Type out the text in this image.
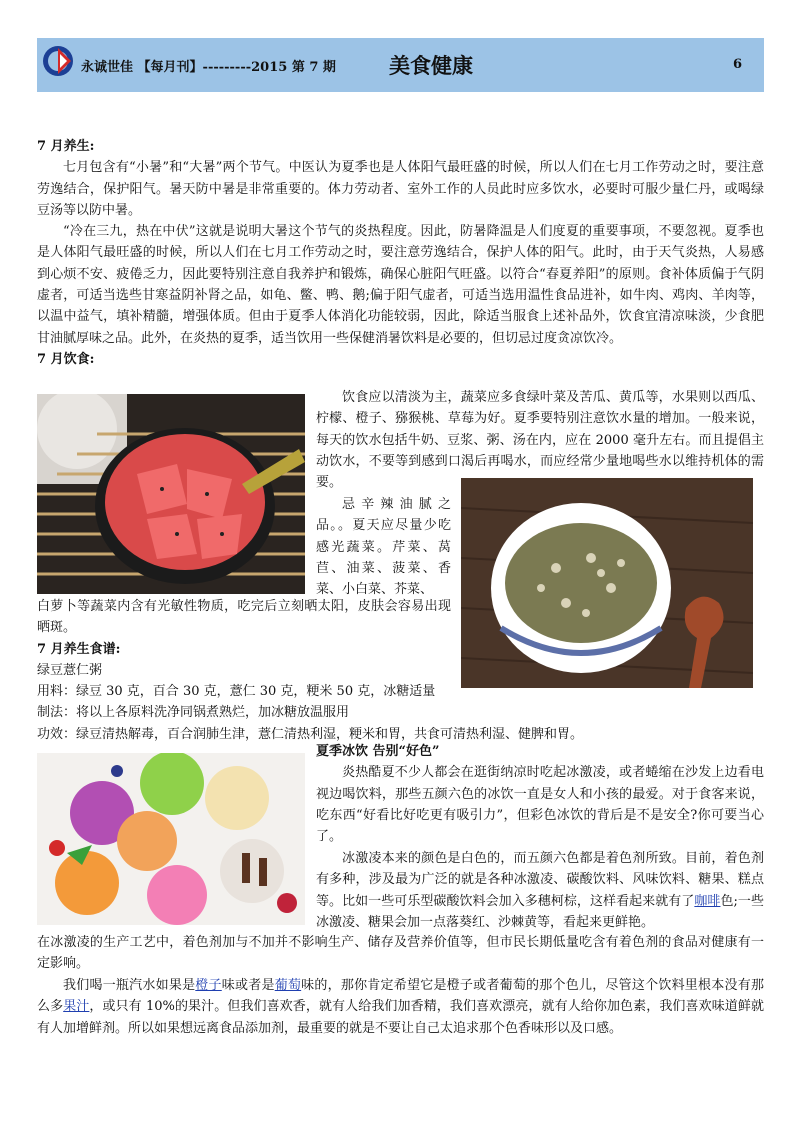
永诚世佳 【每月刊】---------2015 第 7 期	美食健康	6

7 月养生:

七月包含有“小暑”和“大暑”两个节气。中医认为夏季也是人体阳气最旺盛的时候，所以人们在七月工作劳动之时，要注意劳逸结合，保护阳气。暑天防中暑是非常重要的。体力劳动者、室外工作的人员此时应多饮水，必要时可服少量仁丹，或喝绿豆汤等以防中暑。

“冷在三九，热在中伏”这就是说明大暑这个节气的炎热程度。因此，防暑降温是人们度夏的重要事项，不要忽视。夏季也是人体阳气最旺盛的时候，所以人们在七月工作劳动之时，要注意劳逸结合，保护人体的阳气。此时，由于天气炎热，人易感到心烦不安、疲倦乏力，因此要特别注意自我养护和锻炼，确保心脏阳气旺盛。以符合“春夏养阳”的原则。食补体质偏于气阴虚者，可适当选些甘寒益阴补肾之品，如龟、鳖、鸭、鹅;偏于阳气虚者，可适当选用温性食品进补，如牛肉、鸡肉、羊肉等，以温中益气，填补精髓，增强体质。但由于夏季人体消化功能较弱，因此，除适当服食上述补品外，饮食宜清凉味淡，少食肥甘油腻厚味之品。此外，在炎热的夏季，适当饮用一些保健消暑饮料是必要的，但切忌过度贪凉饮冷。

7 月饮食:

饮食应以清淡为主，蔬菜应多食绿叶菜及苦瓜、黄瓜等，水果则以西瓜、柠檬、橙子、猕猴桃、草莓为好。夏季要特别注意饮水量的增加。一般来说，每天的饮水包括牛奶、豆浆、粥、汤在内，应在 2000 毫升左右。而且提倡主动饮水，不要等到感到口渴后再喝水，而应经常少量地喝些水以维持机体的需要。

忌辛辣油腻之品。。夏天应尽量少吃感光蔬菜。芹菜、莴苣、油菜、菠菜、香菜、小白菜、芥菜、

白萝卜等蔬菜内含有光敏性物质，吃完后立刻晒太阳，皮肤会容易出现晒斑。

7 月养生食谱:

绿豆薏仁粥

用料：绿豆 30 克，百合 30 克，薏仁 30 克，粳米 50 克，冰糖适量

制法：将以上各原料洗净同锅煮熟烂，加冰糖放温服用

功效：绿豆清热解毒，百合润肺生津，薏仁清热利湿，粳米和胃，共食可清热利湿、健脾和胃。

夏季冰饮 告别“好色”

炎热酷夏不少人都会在逛街纳凉时吃起冰激凌，或者蜷缩在沙发上边看电视边喝饮料，那些五颜六色的冰饮一直是女人和小孩的最爱。对于食客来说，吃东西“好看比好吃更有吸引力”，但彩色冰饮的背后是不是安全?你可要当心了。

冰激凌本来的颜色是白色的，而五颜六色都是着色剂所致。目前，着色剂有多种，涉及最为广泛的就是各种冰激凌、碳酸饮料、风味饮料、糖果、糕点等。比如一些可乐型碳酸饮料会加入多穗柯棕，这样看起来就有了咖啡色;一些冰激凌、糖果会加一点落葵红、沙棘黄等，看起来更鲜艳。

我们喝一瓶汽水如果是橙子味或者是葡萄味的，那你肯定希望它是橙子或者葡萄的那个色儿，尽管这个饮料里根本没有那么多果汁，或只有 10%的果汁。但我们喜欢香，就有人给我们加香精，我们喜欢漂亮，就有人给你加色素，我们喜欢味道鲜就有人加增鲜剂。所以如果想远离食品添加剂，最重要的就是不要让自己太追求那个色香味形以及口感。

在冰激凌的生产工艺中，着色剂加与不加并不影响生产、储存及营养价值等，但市民长期低量吃含有着色剂的食品对健康有一定影响。
